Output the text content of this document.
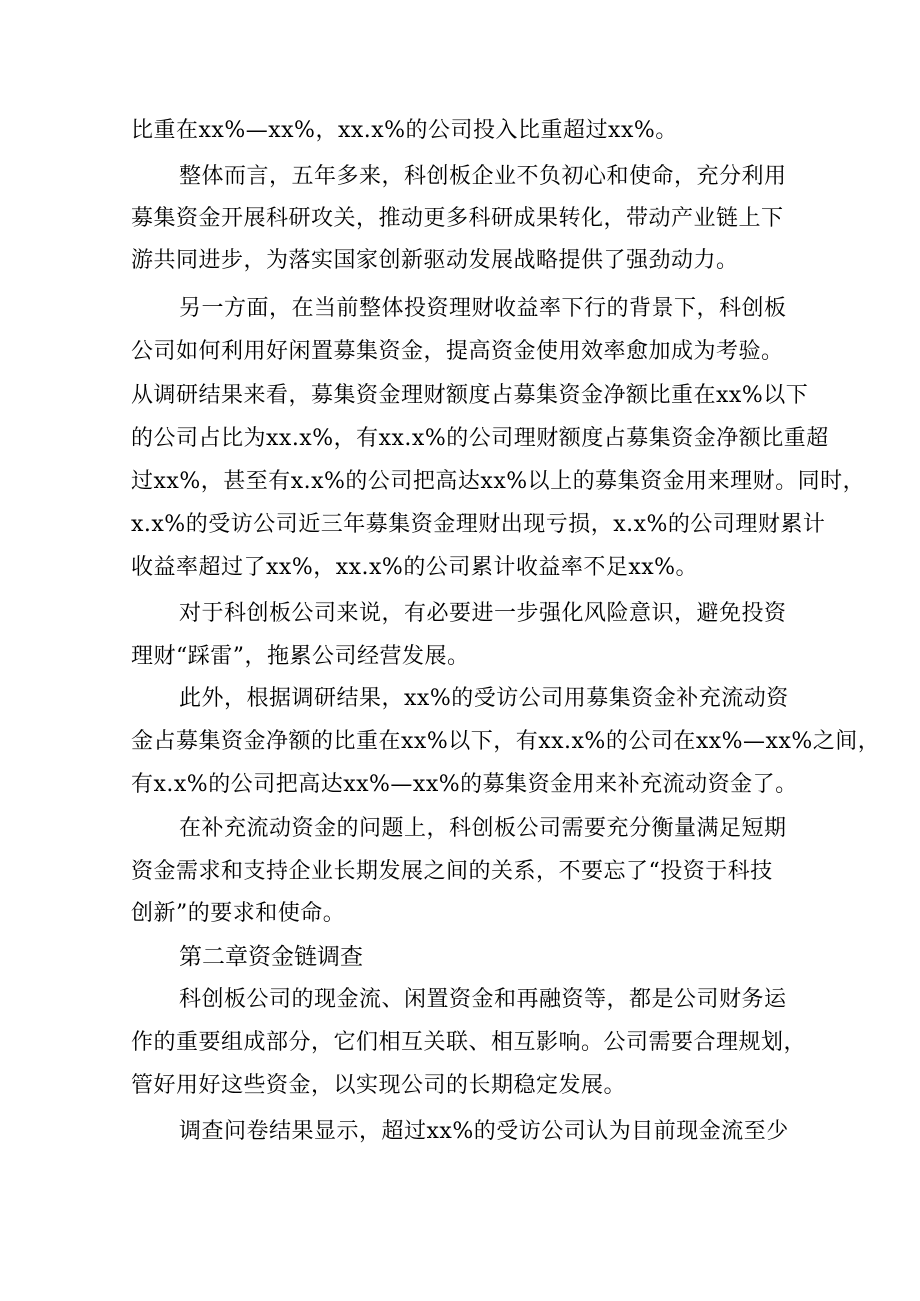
比重在xx%—xx%，xx.x%的公司投入比重超过xx%。
整体而言，五年多来，科创板企业不负初心和使命，充分利用
募集资金开展科研攻关，推动更多科研成果转化，带动产业链上下
游共同进步，为落实国家创新驱动发展战略提供了强劲动力。
另一方面，在当前整体投资理财收益率下行的背景下，科创板
公司如何利用好闲置募集资金，提高资金使用效率愈加成为考验。
从调研结果来看，募集资金理财额度占募集资金净额比重在xx%以下
的公司占比为xx.x%，有xx.x%的公司理财额度占募集资金净额比重超
过xx%，甚至有x.x%的公司把高达xx%以上的募集资金用来理财。同时，
x.x%的受访公司近三年募集资金理财出现亏损，x.x%的公司理财累计
收益率超过了xx%，xx.x%的公司累计收益率不足xx%。
对于科创板公司来说，有必要进一步强化风险意识，避免投资
理财“踩雷”，拖累公司经营发展。
此外，根据调研结果，xx%的受访公司用募集资金补充流动资
金占募集资金净额的比重在xx%以下，有xx.x%的公司在xx%—xx%之间，
有x.x%的公司把高达xx%—xx%的募集资金用来补充流动资金了。
在补充流动资金的问题上，科创板公司需要充分衡量满足短期
资金需求和支持企业长期发展之间的关系，不要忘了“投资于科技
创新”的要求和使命。
第二章资金链调查
科创板公司的现金流、闲置资金和再融资等，都是公司财务运
作的重要组成部分，它们相互关联、相互影响。公司需要合理规划，
管好用好这些资金，以实现公司的长期稳定发展。
调查问卷结果显示，超过xx%的受访公司认为目前现金流至少
